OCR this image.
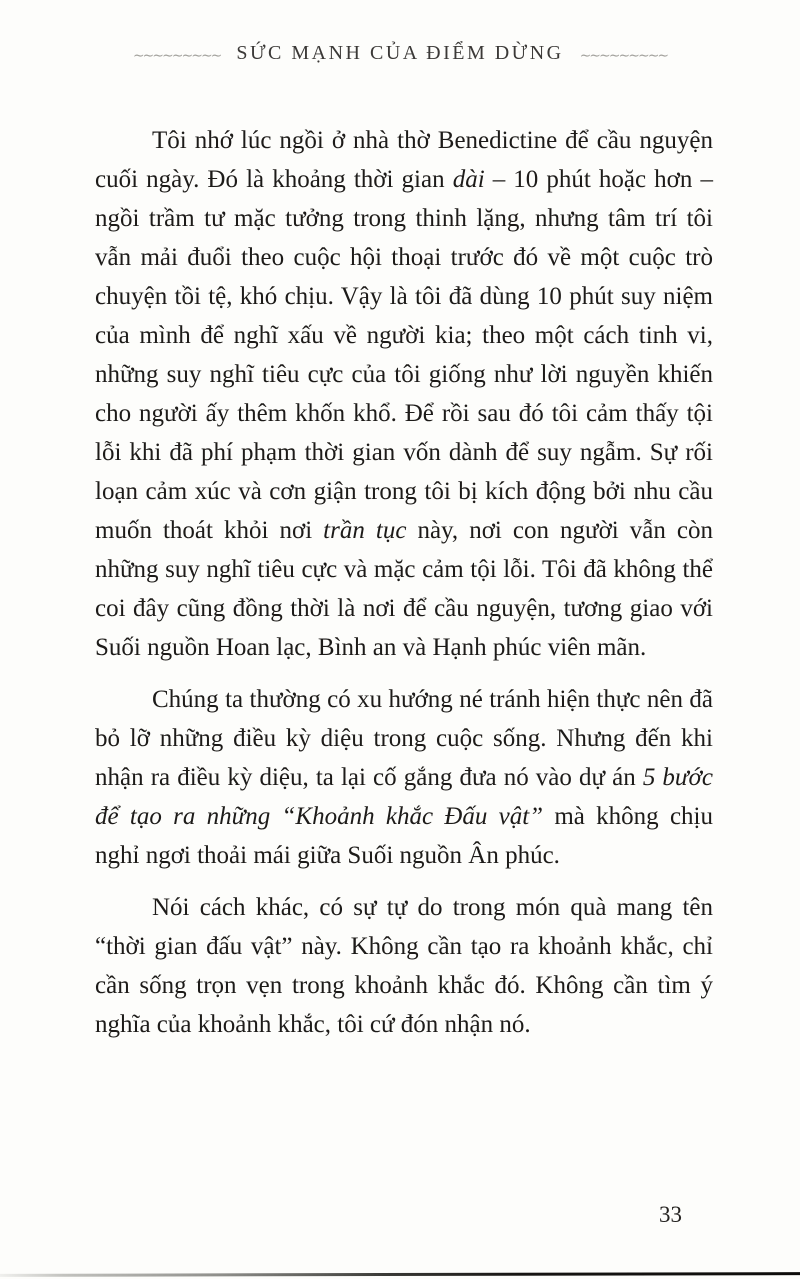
∼∼∼∼∼∼∼∼∼ SỨC MẠNH CỦA ĐIỂM DỪNG ∼∼∼∼∼∼∼∼∼

Tôi nhớ lúc ngồi ở nhà thờ Benedictine để cầu nguyện cuối ngày. Đó là khoảng thời gian dài – 10 phút hoặc hơn – ngồi trầm tư mặc tưởng trong thinh lặng, nhưng tâm trí tôi vẫn mải đuổi theo cuộc hội thoại trước đó về một cuộc trò chuyện tồi tệ, khó chịu. Vậy là tôi đã dùng 10 phút suy niệm của mình để nghĩ xấu về người kia; theo một cách tinh vi, những suy nghĩ tiêu cực của tôi giống như lời nguyền khiến cho người ấy thêm khốn khổ. Để rồi sau đó tôi cảm thấy tội lỗi khi đã phí phạm thời gian vốn dành để suy ngẫm. Sự rối loạn cảm xúc và cơn giận trong tôi bị kích động bởi nhu cầu muốn thoát khỏi nơi trần tục này, nơi con người vẫn còn những suy nghĩ tiêu cực và mặc cảm tội lỗi. Tôi đã không thể coi đây cũng đồng thời là nơi để cầu nguyện, tương giao với Suối nguồn Hoan lạc, Bình an và Hạnh phúc viên mãn.

Chúng ta thường có xu hướng né tránh hiện thực nên đã bỏ lỡ những điều kỳ diệu trong cuộc sống. Nhưng đến khi nhận ra điều kỳ diệu, ta lại cố gắng đưa nó vào dự án 5 bước để tạo ra những “Khoảnh khắc Đấu vật” mà không chịu nghỉ ngơi thoải mái giữa Suối nguồn Ân phúc.

Nói cách khác, có sự tự do trong món quà mang tên “thời gian đấu vật” này. Không cần tạo ra khoảnh khắc, chỉ cần sống trọn vẹn trong khoảnh khắc đó. Không cần tìm ý nghĩa của khoảnh khắc, tôi cứ đón nhận nó.

33
